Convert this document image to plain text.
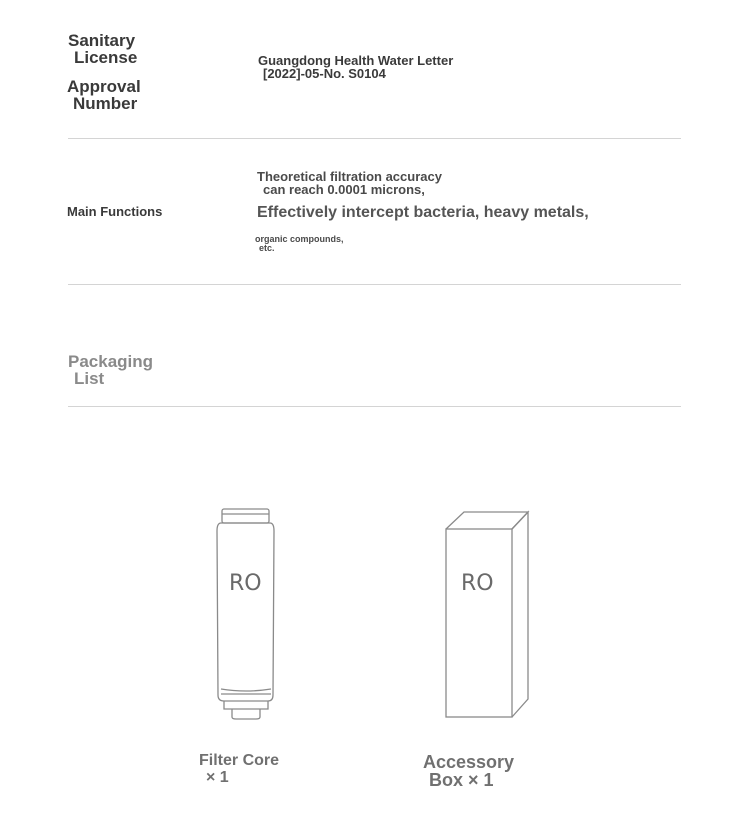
Sanitary
License
Approval
Number
Guangdong Health Water Letter
[2022]-05-No. S0104
Main Functions
Theoretical filtration accuracy
can reach 0.0001 microns,
Effectively intercept bacteria, heavy metals,
organic compounds,
etc.
Packaging
List
RO	RO
Filter Core
× 1
Accessory
Box × 1
